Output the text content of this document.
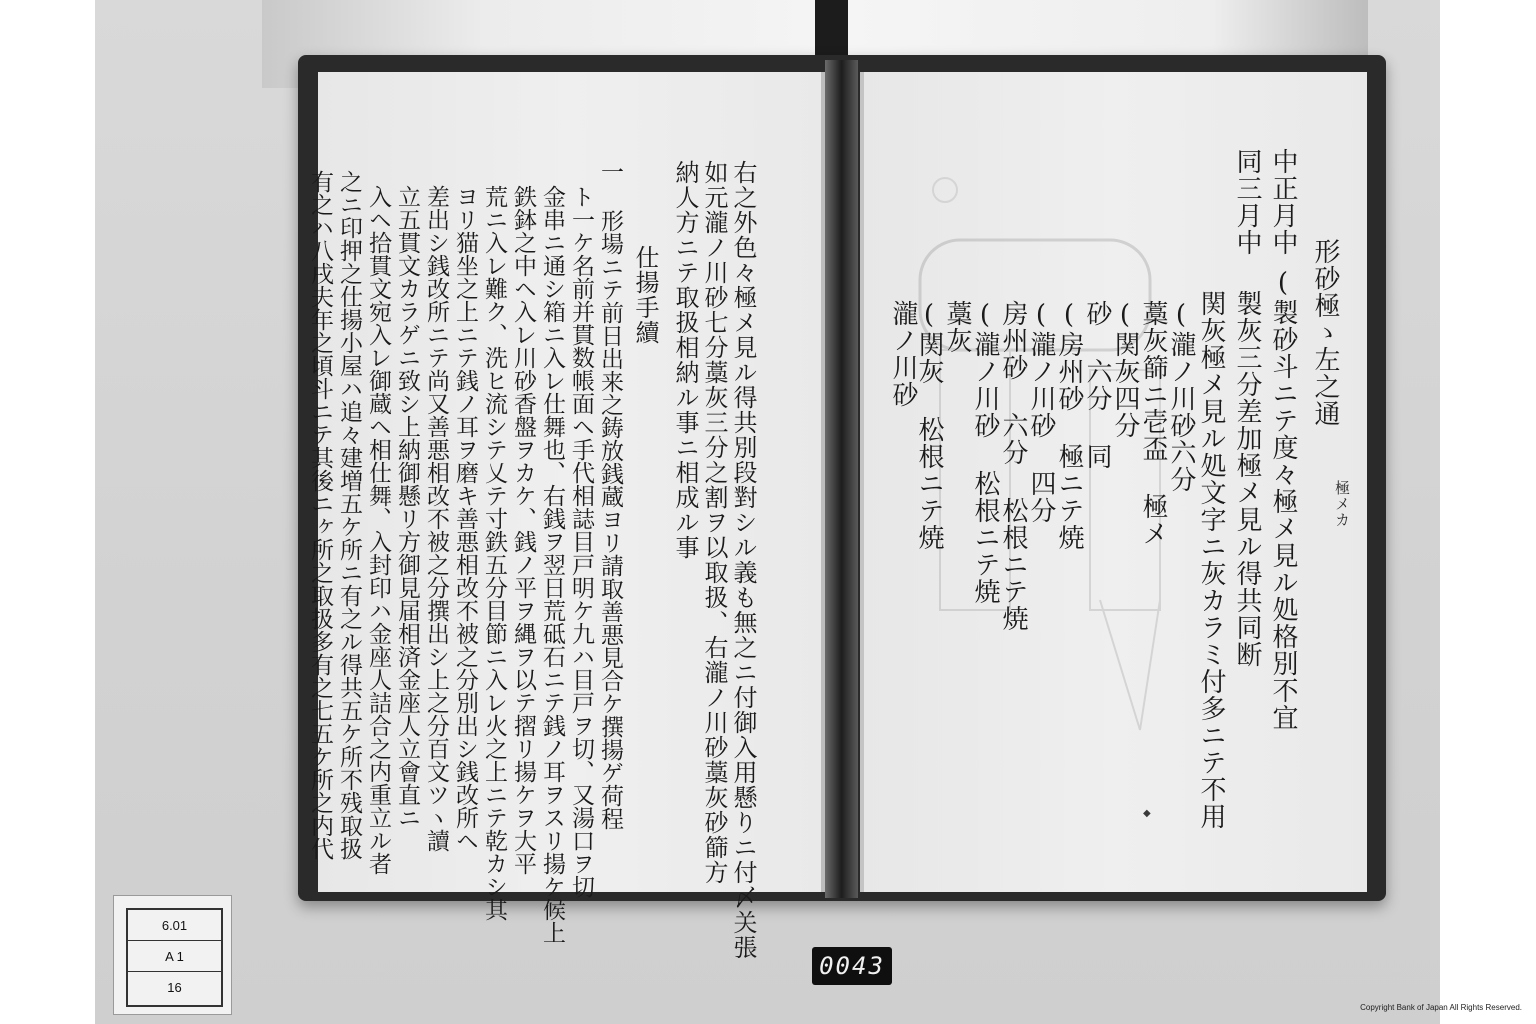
形砂極ゝ左之通
中正月中
同三月中
(製砂斗ニテ度々極メ見ル処格別不宜
製灰三分差加極メ見ル得共同断
関灰極メ見ル処文字ニ灰カラミ付多ニテ不用
(瀧ノ川砂六分
藁灰篩ニ壱盃 極メ
(関灰四分
砂 六分 同
(房州砂 極ニテ焼
(瀧ノ川砂 四分
房州砂 六分 松根ニテ焼
(瀧ノ川砂 松根ニテ焼
藁灰
(関灰 松根ニテ焼
瀧ノ川砂
極メカ
◆
右之外色々極メ見ル得共別段對シル義も無之ニ付御入用懸りニ付〆关張
如元瀧ノ川砂七分藁灰三分之割ヲ以取扱、右瀧ノ川砂藁灰砂篩方
納人方ニテ取扱相納ル事ニ相成ル事
仕揚手續
一 形場ニテ前日出来之鋳放銭蔵ヨリ請取善悪見合ケ撰揚ゲ荷程
ト一ケ名前并貫数帳面ヘ手代相誌目戸明ケ九ハ目戸ヲ切、又湯口ヲ切
金串ニ通シ箱ニ入レ仕舞也、右銭ヲ翌日荒砥石ニテ銭ノ耳ヲスリ揚ケ候上
鉄鉢之中ヘ入レ川砂香盤ヲカケ、銭ノ平ヲ縄ヲ以テ摺リ揚ケヲ大平
荒ニ入レ難ク、洗ヒ流シテ乂テ寸鉄五分目節ニ入レ火之上ニテ乾カシ其
ヨリ猫坐之上ニテ銭ノ耳ヲ磨キ善悪相改不被之分別出シ銭改所ヘ
差出シ銭改所ニテ尚又善悪相改不被之分撰出シ上之分百文ツヽ讀
立五貫文カラゲニ致シ上納御懸リ方御見届相済金座人立會直ニ
入ヘ拾貫文宛入レ御蔵ヘ相仕舞、入封印ハ金座人詰合之内重立ル者
之ニ印押之仕揚小屋ハ追々建増五ケ所ニ有之ル得共五ケ所不残取扱
有之ハ八戌夫年之頃斗ニテ其後ニヶ所之取扱多有之七五ケ所之内代
6.01
A 1
16
0043
Copyright Bank of Japan All Rights Reserved.
